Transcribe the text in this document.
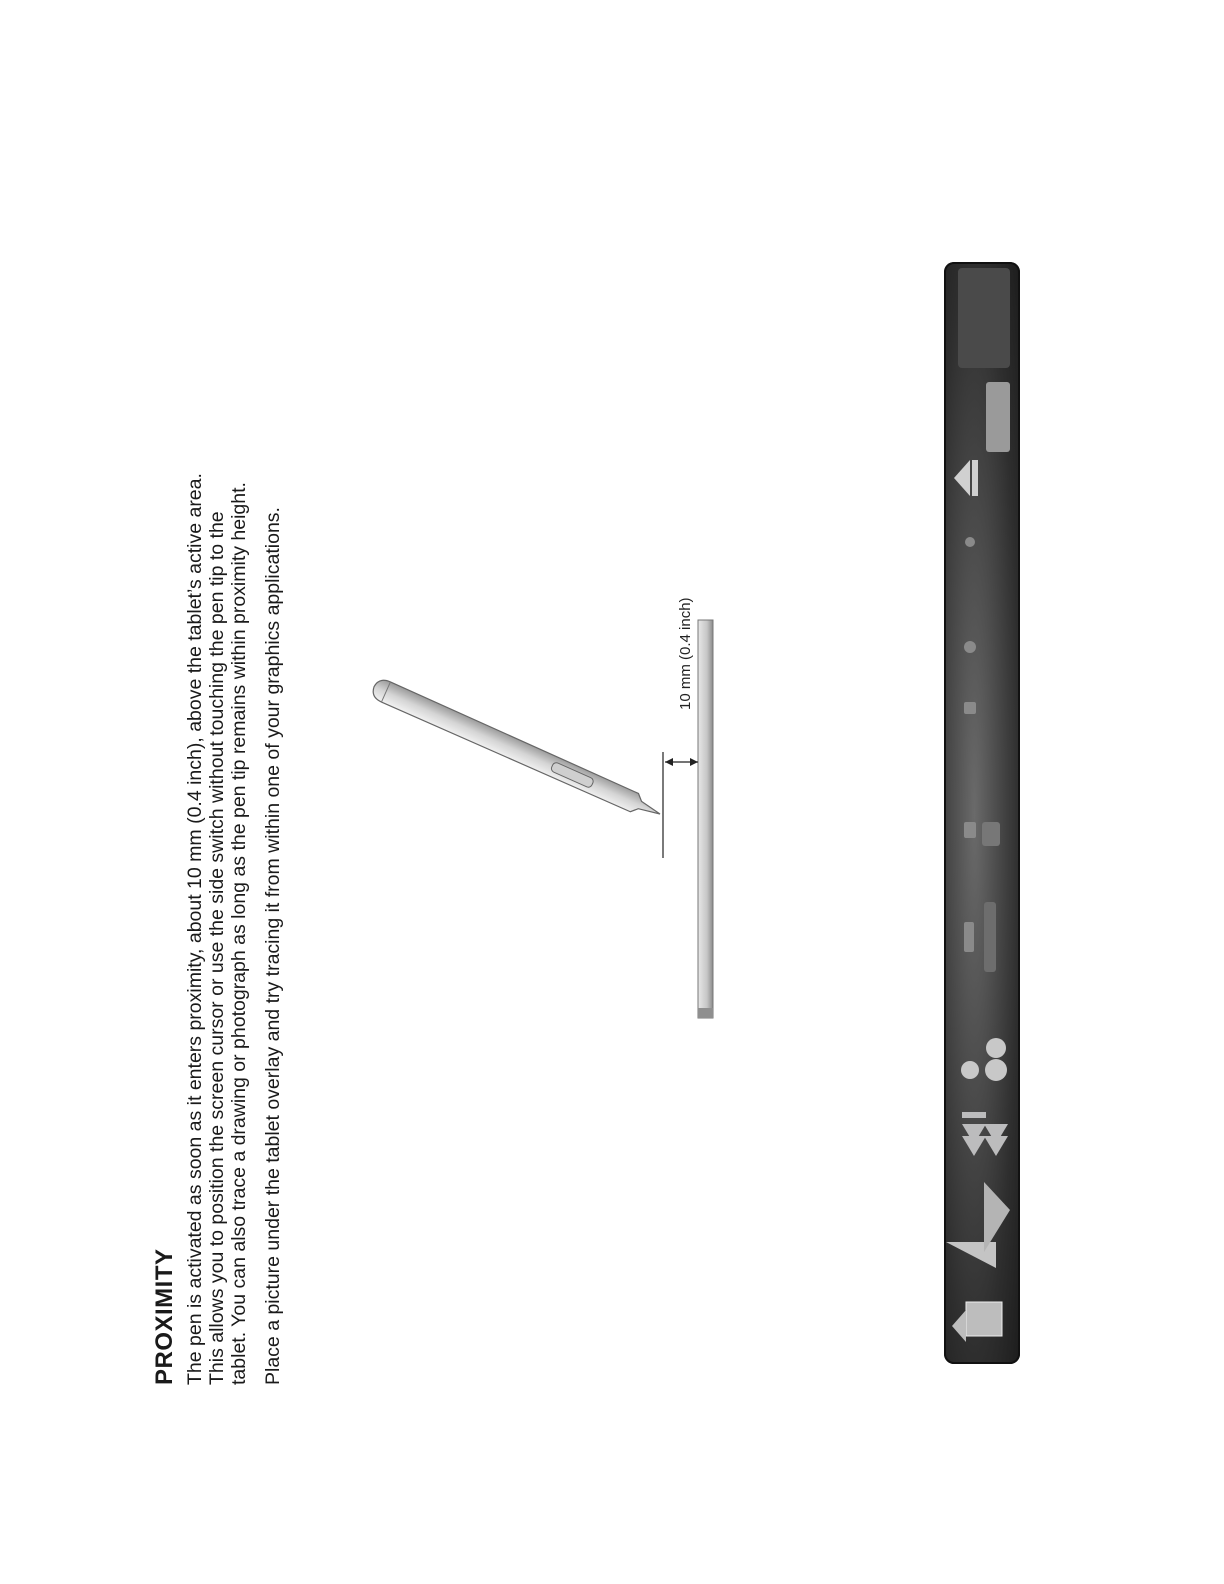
PROXIMITY The pen is activated as soon as it enters proximity, about 10 mm (0.4 inch), above the tablet’s active area. This allows you to position the screen cursor or use the side switch without touching the pen tip to the tablet. You can also trace a drawing or photograph as long as the pen tip remains within proximity height. Place a picture under the tablet overlay and try tracing it from within one of your graphics applications.	10 mm (0.4 inch)
